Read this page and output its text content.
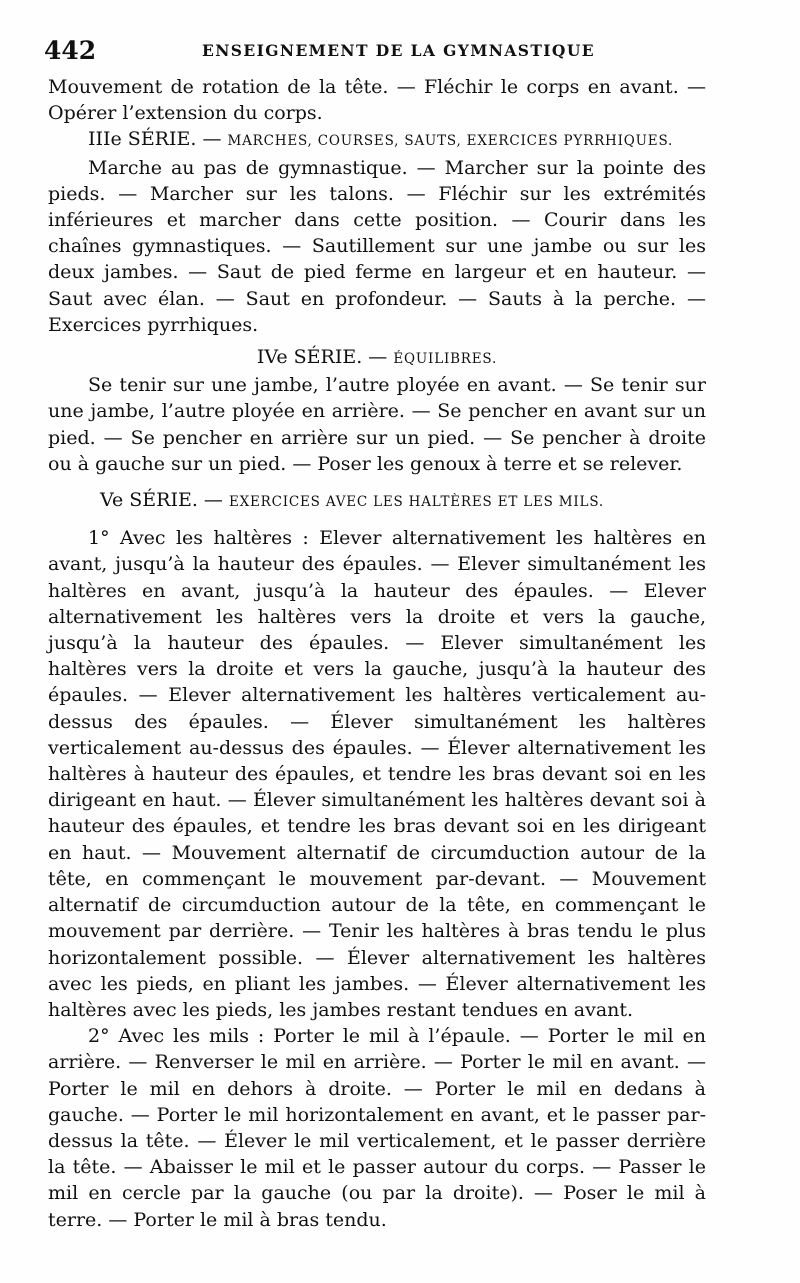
442	ENSEIGNEMENT DE LA GYMNASTIQUE

Mouvement de rotation de la tête. — Fléchir le corps en avant. — Opérer l’extension du corps.

IIIe SÉRIE. — MARCHES, COURSES, SAUTS, EXERCICES PYRRHIQUES.

Marche au pas de gymnastique. — Marcher sur la pointe des pieds. — Marcher sur les talons. — Fléchir sur les extrémités inférieures et marcher dans cette position. — Courir dans les chaînes gymnastiques. — Sautillement sur une jambe ou sur les deux jambes. — Saut de pied ferme en largeur et en hauteur. — Saut avec élan. — Saut en profondeur. — Sauts à la perche. — Exercices pyrrhiques.

IVe SÉRIE. — ÉQUILIBRES.

Se tenir sur une jambe, l’autre ployée en avant. — Se tenir sur une jambe, l’autre ployée en arrière. — Se pencher en avant sur un pied. — Se pencher en arrière sur un pied. — Se pencher à droite ou à gauche sur un pied. — Poser les genoux à terre et se relever.

Ve SÉRIE. — EXERCICES AVEC LES HALTÈRES ET LES MILS.

1° Avec les haltères : Elever alternativement les haltères en avant, jusqu’à la hauteur des épaules. — Elever simultanément les haltères en avant, jusqu’à la hauteur des épaules. — Elever alternativement les haltères vers la droite et vers la gauche, jusqu’à la hauteur des épaules. — Elever simultanément les haltères vers la droite et vers la gauche, jusqu’à la hauteur des épaules. — Elever alternativement les haltères verticalement au-dessus des épaules. — Élever simultanément les haltères verticalement au-dessus des épaules. — Élever alternativement les haltères à hauteur des épaules, et tendre les bras devant soi en les dirigeant en haut. — Élever simultanément les haltères devant soi à hauteur des épaules, et tendre les bras devant soi en les dirigeant en haut. — Mouvement alternatif de circumduction autour de la tête, en commençant le mouvement par-devant. — Mouvement alternatif de circumduction autour de la tête, en commençant le mouvement par derrière. — Tenir les haltères à bras tendu le plus horizontalement possible. — Élever alternativement les haltères avec les pieds, en pliant les jambes. — Élever alternativement les haltères avec les pieds, les jambes restant tendues en avant.

2° Avec les mils : Porter le mil à l’épaule. — Porter le mil en arrière. — Renverser le mil en arrière. — Porter le mil en avant. — Porter le mil en dehors à droite. — Porter le mil en dedans à gauche. — Porter le mil horizontalement en avant, et le passer par-dessus la tête. — Élever le mil verticalement, et le passer derrière la tête. — Abaisser le mil et le passer autour du corps. — Passer le mil en cercle par la gauche (ou par la droite). — Poser le mil à terre. — Porter le mil à bras tendu.
